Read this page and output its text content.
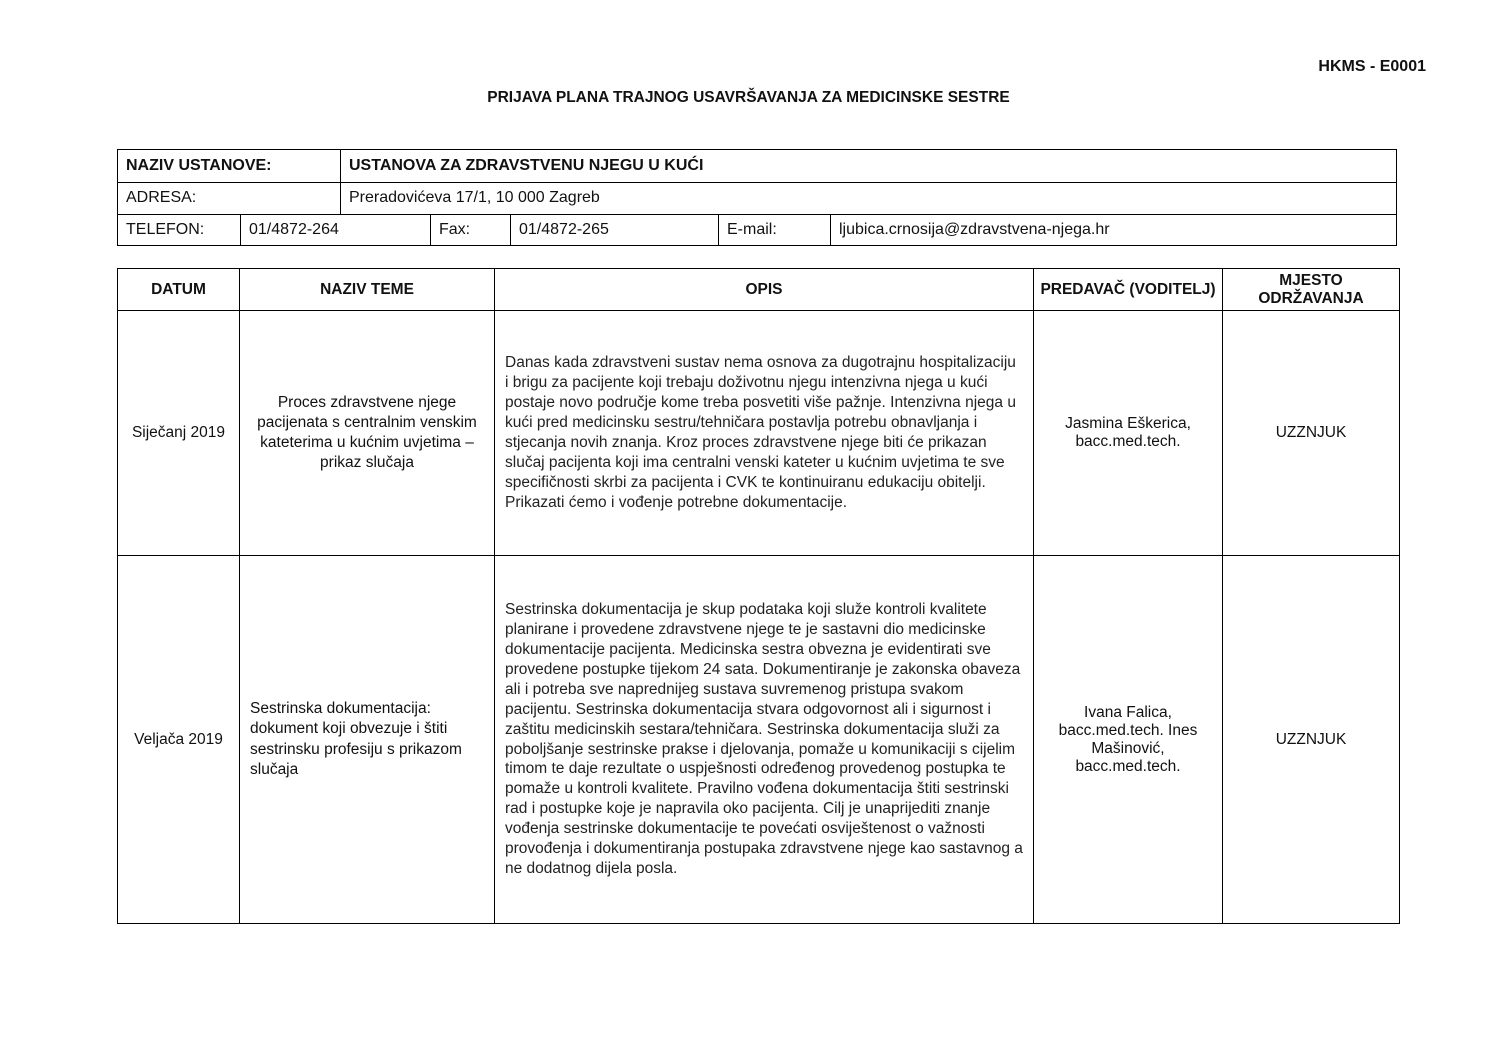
HKMS - E0001
PRIJAVA PLANA TRAJNOG USAVRŠAVANJA ZA MEDICINSKE SESTRE
NAZIV USTANOVE:	USTANOVA ZA ZDRAVSTVENU NJEGU U KUĆI
ADRESA:	Preradovićeva 17/1, 10 000 Zagreb
TELEFON:	01/4872-264	Fax:	01/4872-265	E-mail:	ljubica.crnosija@zdravstvena-njega.hr
DATUM	NAZIV TEME	OPIS	PREDAVAČ (VODITELJ)	MJESTO ODRŽAVANJA
Siječanj 2019	Proces zdravstvene njege pacijenata s centralnim venskim kateterima u kućnim uvjetima – prikaz slučaja	Danas kada zdravstveni sustav nema osnova za dugotrajnu hospitalizaciju i brigu za pacijente koji trebaju doživotnu njegu intenzivna njega u kući postaje novo područje kome treba posvetiti više pažnje. Intenzivna njega u kući pred medicinsku sestru/tehničara postavlja potrebu obnavljanja i stjecanja novih znanja. Kroz proces zdravstvene njege biti će prikazan slučaj pacijenta koji ima centralni venski kateter u kućnim uvjetima te sve specifičnosti skrbi za pacijenta i CVK te kontinuiranu edukaciju obitelji. Prikazati ćemo i vođenje potrebne dokumentacije.	Jasmina Eškerica, bacc.med.tech.	UZZNJUK
Veljača 2019	Sestrinska dokumentacija: dokument koji obvezuje i štiti sestrinsku profesiju s prikazom slučaja	Sestrinska dokumentacija je skup podataka koji služe kontroli kvalitete planirane i provedene zdravstvene njege te je sastavni dio medicinske dokumentacije pacijenta. Medicinska sestra obvezna je evidentirati sve provedene postupke tijekom 24 sata. Dokumentiranje je zakonska obaveza ali i potreba sve naprednijeg sustava suvremenog pristupa svakom pacijentu. Sestrinska dokumentacija stvara odgovornost ali i sigurnost i zaštitu medicinskih sestara/tehničara. Sestrinska dokumentacija služi za poboljšanje sestrinske prakse i djelovanja, pomaže u komunikaciji s cijelim timom te daje rezultate o uspješnosti određenog provedenog postupka te pomaže u kontroli kvalitete. Pravilno vođena dokumentacija štiti sestrinski rad i postupke koje je napravila oko pacijenta. Cilj je unaprijediti znanje vođenja sestrinske dokumentacije te povećati osviještenost o važnosti provođenja i dokumentiranja postupaka zdravstvene njege kao sastavnog a ne dodatnog dijela posla.	Ivana Falica, bacc.med.tech. Ines Mašinović, bacc.med.tech.	UZZNJUK
